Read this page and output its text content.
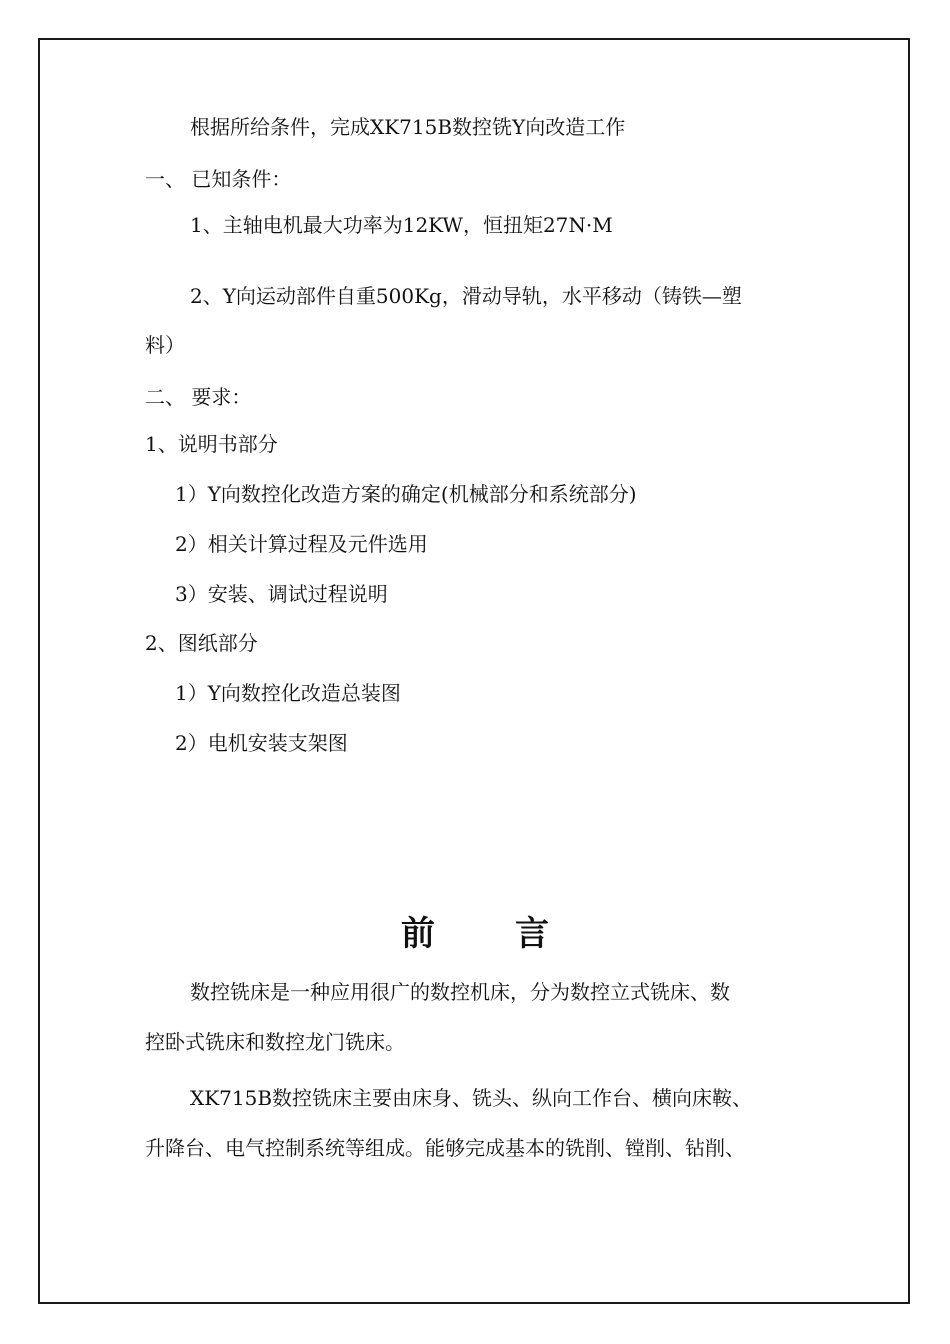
根据所给条件，完成XK715B数控铣Y向改造工作
一、 已知条件：
1、主轴电机最大功率为12KW，恒扭矩27N·M
2、Y向运动部件自重500Kg，滑动导轨，水平移动（铸铁—塑
料）
二、 要求：
1、说明书部分
1）Y向数控化改造方案的确定(机械部分和系统部分)
2）相关计算过程及元件选用
3）安装、调试过程说明
2、图纸部分
1）Y向数控化改造总装图
2）电机安装支架图
前言
数控铣床是一种应用很广的数控机床，分为数控立式铣床、数
控卧式铣床和数控龙门铣床。
XK715B数控铣床主要由床身、铣头、纵向工作台、横向床鞍、
升降台、电气控制系统等组成。能够完成基本的铣削、镗削、钻削、
